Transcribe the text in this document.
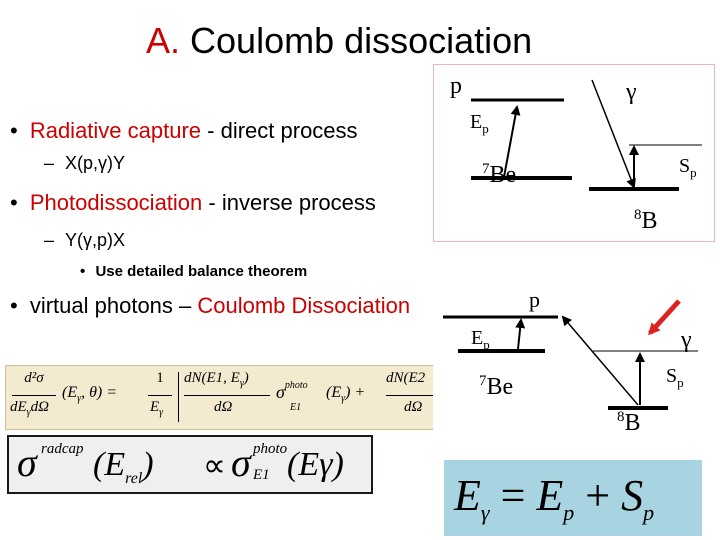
A. Coulomb dissociation
• Radiative capture - direct process
– X(p,γ)Y
• Photodissociation - inverse process
– Y(γ,p)X
• Use detailed balance theorem
• virtual photons – Coulomb Dissociation
p	γ
$E_p$
$^7$Be	$S_p$
$^8$B
d²σ
$dE_\gamma d\Omega$
($E_\gamma$, θ) =
1
$E_\gamma$
dN(E1, $E_\gamma$)
dΩ
$\sigma^{photo}$
E1
$(E_\gamma)$ +
dN(E2
dΩ
σ radcap $(E_{rel}) \propto \sigma$ photo
E1 (Eγ)
p
γ
$E_p$
$^7$Be	$S_p$
$^8$B
$E_\gamma = E_p + S_p$
